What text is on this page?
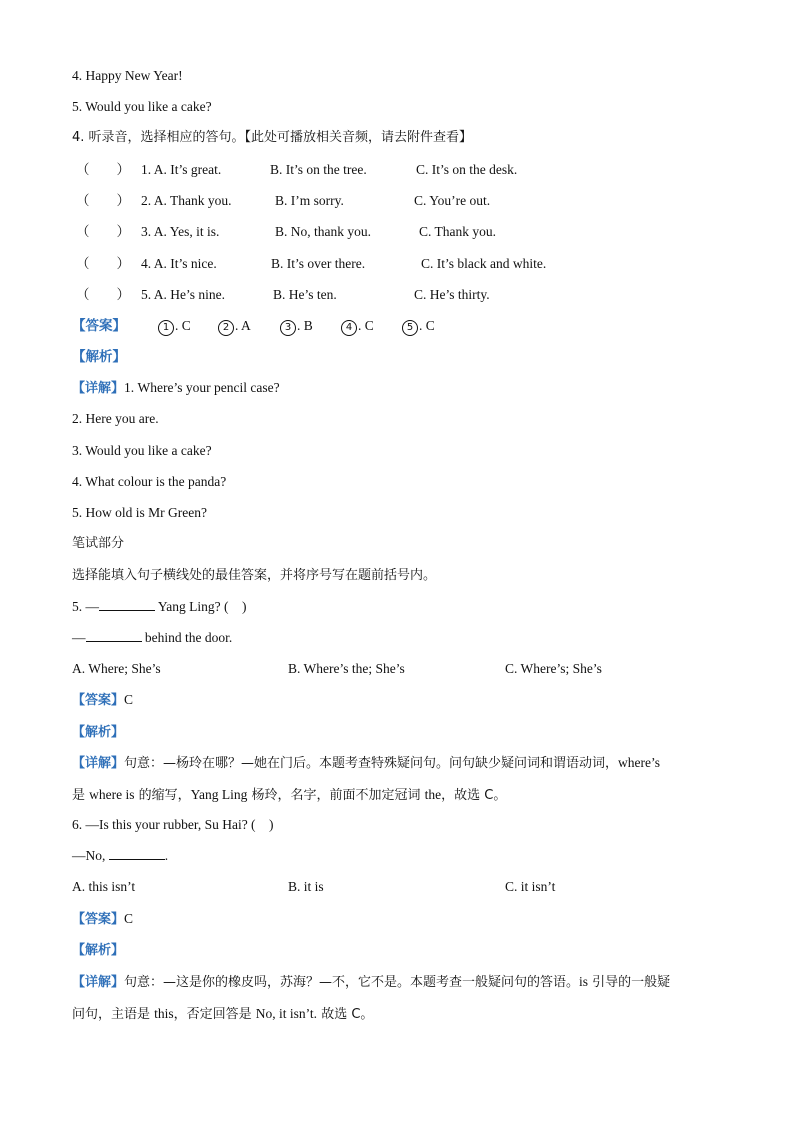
4. Happy New Year!
5. Would you like a cake?
4. 听录音，选择相应的答句。【此处可播放相关音频，请去附件查看】
（　　） 1. A. It’s great.	B. It’s on the tree.	C. It’s on the desk.
（　　） 2. A. Thank you.	B. I’m sorry.	C. You’re out.
（　　） 3. A. Yes, it is.	B. No, thank you.	C. Thank you.
（　　） 4. A. It’s nice.	B. It’s over there.	C. It’s black and white.
（　　） 5. A. He’s nine.	B. He’s ten.	C. He’s thirty.
【答案】	1 . C	2 . A	3 . B	4 . C	5 . C
【解析】
【详解】1. Where’s your pencil case?
2. Here you are.
3. Would you like a cake?
4. What colour is the panda?
5. How old is Mr Green?
笔试部分
选择能填入句子横线处的最佳答案，并将序号写在题前括号内。
5. —	Yang Ling? (　)
—	behind the door.
A. Where; She’s	B. Where’s the; She’s	C. Where’s; She’s
【答案】C
【解析】
【详解】句意：—杨玲在哪？—她在门后。本题考查特殊疑问句。问句缺少疑问词和谓语动词，where’s
是 where is 的缩写，Yang Ling 杨玲，名字，前面不加定冠词 the，故选 C。
6. —Is this your rubber, Su Hai? (　)
—No,	.
A. this isn’t	B. it is	C. it isn’t
【答案】C
【解析】
【详解】句意：—这是你的橡皮吗，苏海？—不，它不是。本题考查一般疑问句的答语。is 引导的一般疑
问句，主语是 this，否定回答是 No, it isn’t. 故选 C。
